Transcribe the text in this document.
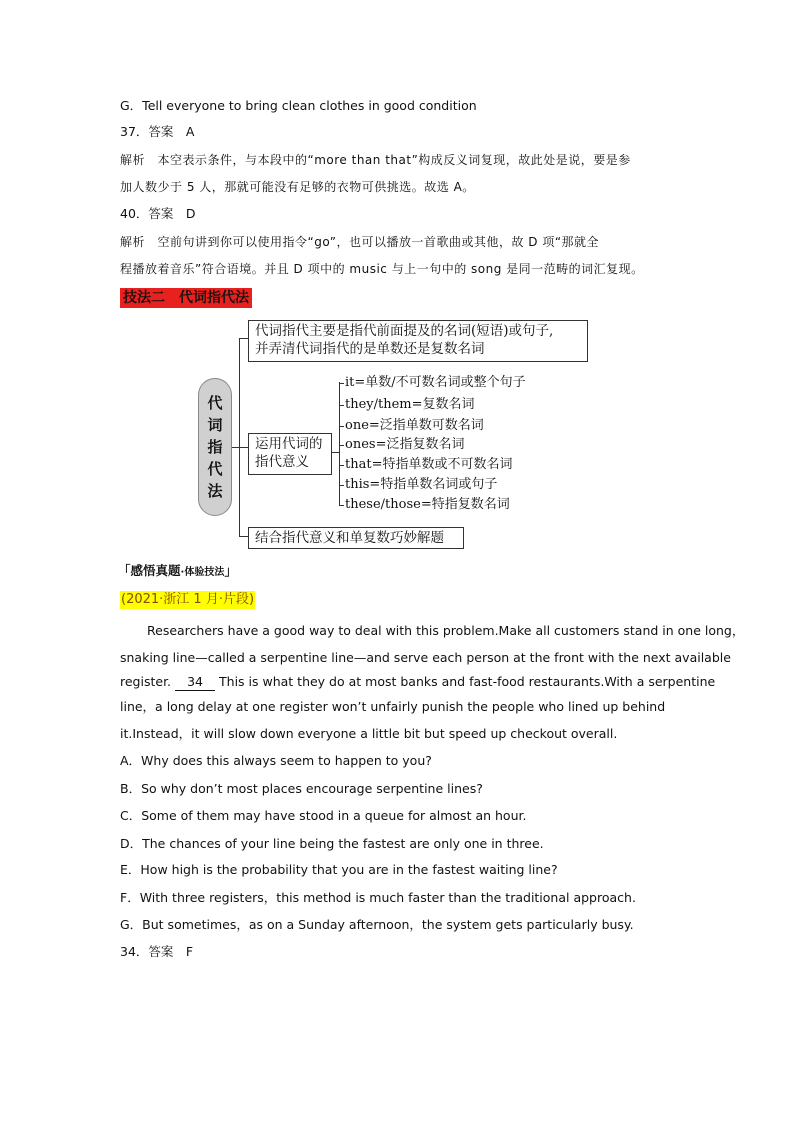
G．Tell everyone to bring clean clothes in good condition
37．答案　A
解析　本空表示条件，与本段中的“more than that”构成反义词复现，故此处是说，要是参
加人数少于 5 人，那就可能没有足够的衣物可供挑选。故选 A。
40．答案　D
解析　空前句讲到你可以使用指令“go”，也可以播放一首歌曲或其他，故 D 项“那就全
程播放着音乐”符合语境。并且 D 项中的 music 与上一句中的 song 是同一范畴的词汇复现。
技法二　代词指代法
代
词
指
代
法
代词指代主要是指代前面提及的名词(短语)或句子,
并弄清代词指代的是单数还是复数名词
运用代词的
指代意义
it=单数/不可数名词或整个句子
they/them=复数名词
one=泛指单数可数名词
ones=泛指复数名词
that=特指单数或不可数名词
this=特指单数名词或句子
these/those=特指复数名词
结合指代意义和单复数巧妙解题
「感悟真题·体验技法」
(2021·浙江 1 月·片段)
Researchers have a good way to deal with this problem.Make all customers stand in one long，
snaking line—called a serpentine line—and serve each person at the front with the next available
register. 34 This is what they do at most banks and fast-food restaurants.With a serpentine
line，a long delay at one register won’t unfairly punish the people who lined up behind
it.Instead，it will slow down everyone a little bit but speed up checkout overall.
A．Why does this always seem to happen to you?
B．So why don’t most places encourage serpentine lines?
C．Some of them may have stood in a queue for almost an hour.
D．The chances of your line being the fastest are only one in three.
E．How high is the probability that you are in the fastest waiting line?
F．With three registers，this method is much faster than the traditional approach.
G．But sometimes，as on a Sunday afternoon，the system gets particularly busy.
34．答案　F
